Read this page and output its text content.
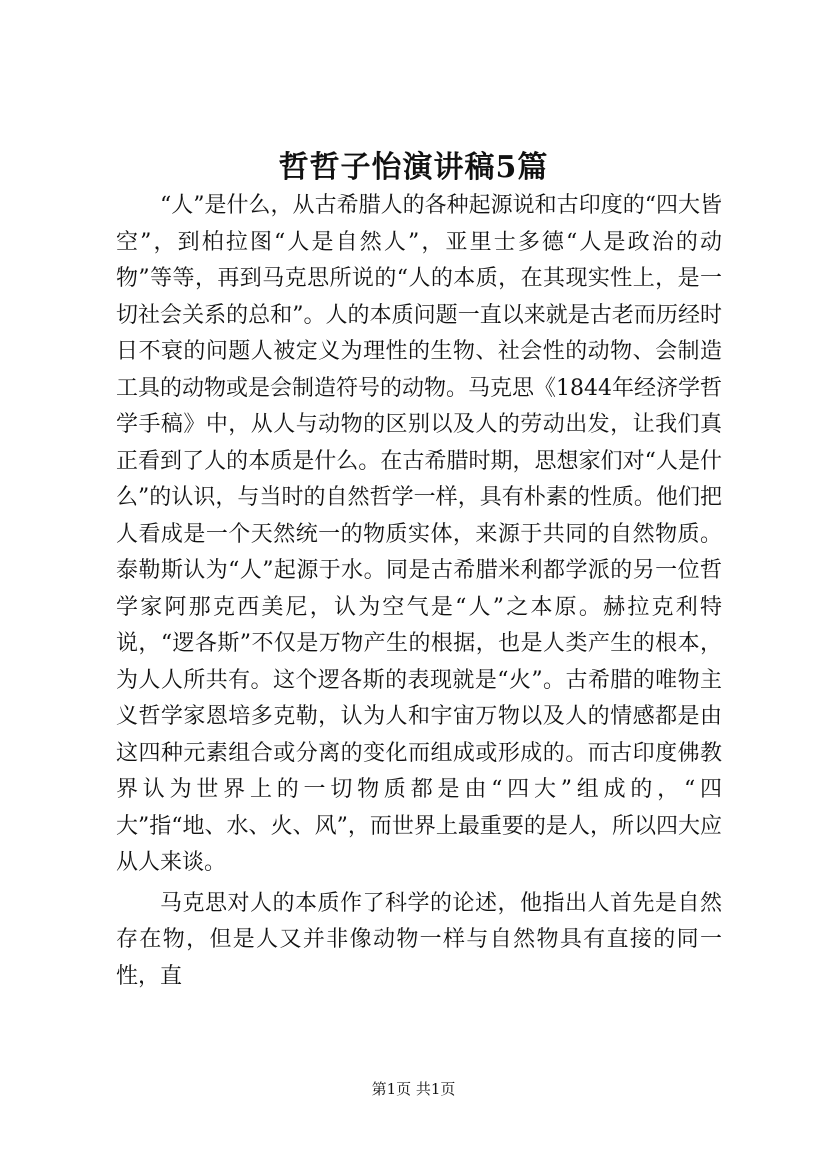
哲哲子怡演讲稿5篇

“人”是什么，从古希腊人的各种起源说和古印度的“四大皆空”，到柏拉图“人是自然人”，亚里士多德“人是政治的动物”等等，再到马克思所说的“人的本质，在其现实性上，是一切社会关系的总和”。人的本质问题一直以来就是古老而历经时日不衰的问题人被定义为理性的生物、社会性的动物、会制造工具的动物或是会制造符号的动物。马克思《1844年经济学哲学手稿》中，从人与动物的区别以及人的劳动出发，让我们真正看到了人的本质是什么。在古希腊时期，思想家们对“人是什么”的认识，与当时的自然哲学一样，具有朴素的性质。他们把人看成是一个天然统一的物质实体，来源于共同的自然物质。泰勒斯认为“人”起源于水。同是古希腊米利都学派的另一位哲学家阿那克西美尼，认为空气是“人”之本原。赫拉克利特说，“逻各斯”不仅是万物产生的根据，也是人类产生的根本，为人人所共有。这个逻各斯的表现就是“火”。古希腊的唯物主义哲学家恩培多克勒，认为人和宇宙万物以及人的情感都是由这四种元素组合或分离的变化而组成或形成的。而古印度佛教界认为世界上的一切物质都是由“四大”组成的，“四大”指“地、水、火、风”，而世界上最重要的是人，所以四大应从人来谈。

马克思对人的本质作了科学的论述，他指出人首先是自然存在物，但是人又并非像动物一样与自然物具有直接的同一性，直

第1页 共1页
